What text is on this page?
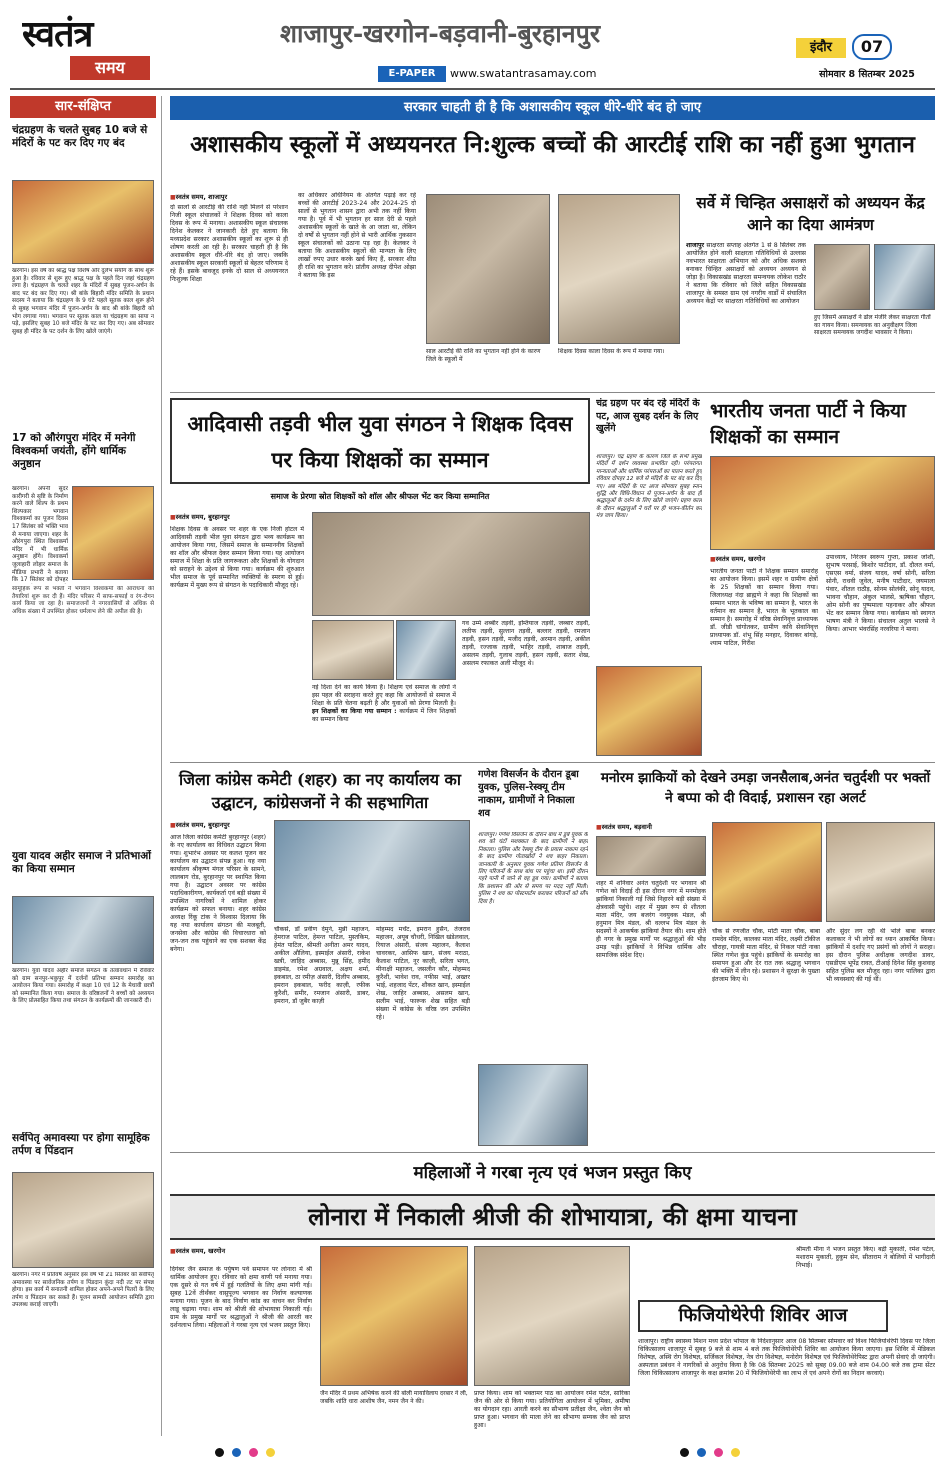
स्वतंत्र
समय
शाजापुर-खरगोन-बड़वानी-बुरहानपुर
E-PAPER	www.swatantrasamay.com
इंदौर	07
सोमवार 8 सितम्बर 2025
सार-संक्षिप्त
चंद्रग्रहण के चलते सुबह 10 बजे से मंदिरों के पट कर दिए गए बंद
खरगोन। इस वर्ष का श्राद्ध पक्ष विशेष और दुर्लभ संयोग के साथ शुरू हुआ है। रविवार से शुरू हुए श्राद्ध पक्ष के पहले दिन जहां चंद्रग्रहण लगा है। चंद्रग्रहण के चलते शहर के मंदिरों में सुबह पूजन-अर्चन के बाद पट बंद कर दिए गए। श्री बांके बिहारी मंदिर समिति के प्रधान सदस्य ने बताया कि चंद्रग्रहण के 9 घंटे पहले सूतक काल शुरू होने से सुबह भगवान मंदिर में पूजन-अर्चन के बाद श्री बांके बिहारी को भोग लगाया गया। भगवान पर सूतक काल या चंद्रग्रहण का साया न पड़े, इसलिए सुबह 10 बजे मंदिर के पट कर दिए गए। अब सोमवार सुबह ही मंदिर के पट दर्शन के लिए खोले जाएंगे।
17 को औरंगपुरा मंदिर में मनेगी विश्वकर्मा जयंती, होंगे धार्मिक अनुष्ठान
खरगोन। अपनी सुंदर कारीगरी से सृष्टि के निर्माण करने वाले शिल्प के प्रथम शिल्पकार भगवान विश्वकर्मा का पूजन दिवस 17 सितंबर को भक्ति भाव से मनाया जाएगा। शहर के औरंगपुरा स्थित विश्वकर्मा मंदिर में भी धार्मिक अनुष्ठान होंगे। विश्वकर्मा जुलाहारी लोहार समाज के मीडिया प्रभारी ने बताया कि 17 सितंबर को दोपहर
सामूहिक रूप से भक्तों ने भगवान विश्वकर्मा की आराधना की तैयारियां शुरू कर दी हैं। मंदिर परिसर में साफ-सफाई व रंग-रोगन कार्य किया जा रहा है। समाजजनों ने नगरवासियों से अधिक से अधिक संख्या में उपस्थित होकर धर्मलाभ लेने की अपील की है।
युवा यादव अहीर समाज ने प्रतिभाओं का किया सम्मान
खरगोन। युवा यादव अहीर समाज संगठन के तत्वावधान में रविवार को ग्राम सनपुर-भकुपुर में दर्जनों प्रतिभा सम्मान समारोह का आयोजन किया गया। समारोह में कक्षा 10 एवं 12 के मेधावी छात्रों को सम्मानित किया गया। समाज के वरिष्ठजनों ने बच्चों को अध्ययन के लिए प्रोत्साहित किया तथा संगठन के कार्यक्रमों की जानकारी दी।
सर्वपितृ अमावस्या पर होगा सामूहिक तर्पण व पिंडदान
खरगोन। नगर में प्रतिवर्ष अनुसार इस वर्ष भी 21 सितंबर को सर्वपितृ अमावस्या पर सार्वजनिक तर्पण व पिंडदान कुंदा नदी तट पर संपन्न होगा। इस कार्य में सनातनी शामिल होकर अपने-अपने पितरों के लिए तर्पण व पिंडदान कर सकते हैं। पूजन सामग्री आयोजन समिति द्वारा उपलब्ध कराई जाएगी।
सरकार चाहती ही है कि अशासकीय स्कूल धीरे-धीरे बंद हो जाए
अशासकीय स्कूलों में अध्ययनरत नि:शुल्क बच्चों की आरटीई राशि का नहीं हुआ भुगतान
■ स्वतंत्र समय, शाजापुर
दो सालों से आरटीई की राशि नहीं मिलने से परेशान निजी स्कूल संचालकों ने शिक्षक दिवस को काला दिवस के रूप में मनाया। अशासकीय स्कूल संचालक दिनेश केलकर ने जानकारी देते हुए बताया कि मध्यप्रदेश सरकार अशासकीय स्कूलों का शुरू से ही शोषण करती आ रही है। सरकार चाहती ही है कि अशासकीय स्कूल धीरे-धीरे बंद हो जाए। जबकि अशासकीय स्कूल सरकारी स्कूलों से बेहतर परिणाम दे रहे हैं। इसके बावजूद इनके दो साल से अध्ययनरत निःशुल्क शिक्षा
का अधिकार अधिनियम के अंतर्गत पढ़ाई कर रहे बच्चों की आरटीई 2023-24 और 2024-25 दो सालों से भुगतान शासन द्वारा अभी तक नहीं किया गया है। पूर्व में भी भुगतान हर साल देरी से पहले अशासकीय स्कूलों के खाते के आ जाता था, लेकिन दो वर्षों से भुगतान नहीं होने से भारी आर्थिक नुकसान स्कूल संचालकों को उठाना पड़ रहा है। केलकर ने बताया कि अशासकीय स्कूलों की मान्यता के लिए लाखों रुपए उधार करके खर्च किए हैं, सरकार शीघ्र ही राशि का भुगतान करे। प्रांतीय अध्यक्ष दीपेश ओझा ने बताया कि इस
साल आरटीई की राशि का भुगतान नहीं होने के कारण जिले के स्कूलों में
शिक्षक दिवस काला दिवस के रूप में मनाया गया।
सर्वे में चिन्हित असाक्षरों को अध्ययन केंद्र आने का दिया आमंत्रण
शाजापुर साक्षरता सप्ताह अंतर्गत 1 से 8 सितंबर तक आयोजित होने वाली साक्षरता गतिविधियों से उल्लास नवभारत साक्षरता अभियान को और अधिक सशक्त बनाकर चिन्हित असाक्षरों को अध्ययन अध्ययन से जोड़ा है। विकासखंड साक्षरता समन्वयक लोकेश राठौर ने बताया कि रविवार को जिले सहित विकासखंड शाजापुर के समस्त ग्राम एवं नगरीय वार्डों में संचालित अध्ययन केंद्रों पर साक्षरता गतिविधियों का आयोजन
हुए जिसमें असाक्षरों ने ढोल मंजीरे लेकर साक्षरता गीतों का गायन किया। समन्वयक का अनुवीक्षण जिला साक्षरता समन्वयक जगदीश भावसार ने किया।
आदिवासी तड़वी भील युवा संगठन ने शिक्षक दिवस पर किया शिक्षकों का सम्मान
समाज के प्रेरणा स्रोत शिक्षकों को शॉल और श्रीफल भेंट कर किया सम्मानित
■ स्वतंत्र समय, बुरहानपुर
शिक्षक दिवस के अवसर पर शहर के एक निजी होटल में आदिवासी तड़वी भील युवा संगठन द्वारा भव्य कार्यक्रम का आयोजन किया गया, जिसमें समाज के सम्माननीय शिक्षकों का शॉल और श्रीफल देकर सम्मान किया गया। यह आयोजन समाज में शिक्षा के प्रति जागरूकता और शिक्षकों के योगदान को सराहने के उद्देश्य से किया गया। कार्यक्रम की शुरुआत भील समाज के पूर्व सम्मानित व्यक्तियों के स्मरण से हुई। कार्यक्रम में मुख्य रूप से संगठन के पदाधिकारी मौजूद रहे।
नई दिशा देने का कार्य किया है। शिक्षण एवं समाज के लोगों ने इस पहल की सराहना करते हुए कहा कि आयोजनों से समाज में शिक्षा के प्रति चेतना बढ़ती है और युवाओं को प्रेरणा मिलती है। इन शिक्षकों का किया गया सम्मान : कार्यक्रम में जिन शिक्षकों का सम्मान किया
गव उम्मे शब्बीर तड़वी, इम्तियाज तड़वी, जब्बार तड़वी, लतीफ तड़वी, सुल्तान तड़वी, बल्लार तड़वी, रमजान तड़वी, हसन तड़वी, मजीद तड़वी, अरमान तड़वी, अकील तड़वी, रज्जाक तड़वी, भाहिर तड़वी, शाबाज तड़वी, असलम तड़वी, गुलाब तड़वी, हसन तड़वी, सतार शेख, असलम रफाकत अली मौजूद थे।
चंद्र ग्रहण पर बंद रहे मंदिरों के पट, आज सुबह दर्शन के लिए खुलेंगे
शाजापुर। चंद्र ग्रहण के कारण जिले के सभी प्रमुख मंदिरों में दर्शन व्यवस्था प्रभावित रही। परंपरागत मान्यताओं और धार्मिक परंपराओं का पालन करते हुए रविवार दोपहर 12 बजे से मंदिरों के पट बंद कर दिए गए। अब मंदिरों के पट आज सोमवार सुबह स्नान शुद्धि और विधि-विधान से पूजन-अर्चन के बाद ही श्रद्धालुओं के दर्शन के लिए खोले जाएंगे। ग्रहण काल के दौरान श्रद्धालुओं ने घरों पर ही भजन-कीर्तन कर मंत्र जाप किया।
भारतीय जनता पार्टी ने किया शिक्षकों का सम्मान
■ स्वतंत्र समय, खरगोन
भारतीय जनता पार्टी ने शिक्षक सम्मान समारोह का आयोजन किया। इसमें शहर व ग्रामीण क्षेत्रों के 25 शिक्षकों का सम्मान किया गया। जिलाध्यक्ष नंदा ब्राह्मणे ने कहा कि शिक्षकों का सम्मान भारत के भविष्य का सम्मान है, भारत के वर्तमान का सम्मान है, भारत के भूतकाल का सम्मान है। समारोह में वरिष्ठ सेवानिवृत्त प्राध्यापक डॉ. जीडी चांगोतकर, ग्रामीण कवि सेवानिवृत्त प्राध्यापक डॉ. शंभू सिंह मनहार, दिवाकर बांगड़े, श्याम पाटिल, गिरीश
उपाध्याय, निरंजन स्वरूप गुप्ता, प्रकाश जोशी, सुभाष परसाई, किशोर पाटीदार, डॉ. दौलत वर्मा, एसएस वर्मा, संजय यादव, वर्षा सोनी, सरिता सोनी, राधवी जुवेल, मनीष पाटीदार, जयमाला पंवार, शीतल राठौड़, सोनम सोलंकी, सोनू यादव, भावना चौहान, अंकुल भालसे, ऋषिका चौहान, ओम सोनी का पुष्पमाला पहनाकर और श्रीफल भेंट कर सम्मान किया गया। कार्यक्रम को स्वागत भाषण मंत्री ने किया। संचालन अतुल भालसे ने किया। आभार भंवरसिंह नरवरिया ने माना।
जिला कांग्रेस कमेटी (शहर) का नए कार्यालय का उद्घाटन, कांग्रेसजनों ने की सहभागिता
■ स्वतंत्र समय, बुरहानपुर
आज जिला कांग्रेस कमेटी बुरहानपुर (शहर) के नए कार्यालय का विधिवत उद्घाटन किया गया। शुभारंभ अवसर पर कलश पूजन कर कार्यालय का उद्घाटन संपन्न हुआ। यह नया कार्यालय श्रीकृष्ण मंगल परिसर के सामने, लालबाग रोड, बुरहानपुर पर स्थापित किया गया है। उद्घाटन अवसर पर कांग्रेस पदाधिकारीगण, कार्यकर्ता एवं बड़ी संख्या में उपस्थित नागरिकों ने शामिल होकर कार्यक्रम को सफल बनाया। शहर कांग्रेस अध्यक्ष रिंकू टांक ने विश्वास दिलाया कि यह नया कार्यालय संगठन की मजबूती, जनसेवा और कांग्रेस की विचारधारा को जन-जन तक पहुंचाने का एक सशक्त केंद्र बनेगा।
चौकसे, डॉ प्रवीण देमुने, मुन्नी महाजन, हेमराज पाटिल, हेमन्त पाटिल, मुस्तकिम, हेमंत पाटिल, श्रीमती अनीता अमर यादव, अकील औलिया, इस्माईल अंसारी, राकेश खत्री, जाहिद अब्बास, मुन्नू सिंह, हमीद डाइमंड, रमेश अग्रवाल, अक्षय शर्मा, इकबाल, ठा रमीज़ अंसारी, दिलीप अब्बास, इमरान इकबाल, फरीद काज़ी, रफीक कुरैशी, समीर, रमजान अंसारी, डाबर, इमरान, डॉ जुबैर काज़ी
मोहम्मद मर्चेंट, इमरान हुसैन, तेजराव महाजन, अयूब चौधरी, निखिल खंडेलवाल, रियाज अंसारी, संजय महाजन, कैलाश चावरकर, आसिफ खान, संजय मराठा, कैलाश पाटिल, नूर काज़ी, सरिता भगत, मीनाक्षी महाजन, जसलीन कौर, मोहम्मद कुरैशी, भावेश राव, नफीस भाई, अख्तर भाई, शहजाद पेंटर, शौकत खान, इस्माईल शेख, जाहिर अब्बास, असलम खान, सलीम भाई, फारूक शेख सहित बड़ी संख्या में कांग्रेस के वरिष्ठ जन उपस्थित रहे।
गणेश विसर्जन के दौरान डूबा युवक, पुलिस-रेस्क्यू टीम नाकाम, ग्रामीणों ने निकाला शव
शाजापुर। गणेश विसर्जन के दौरान बांध में डूबे युवक के शव को घंटों मशक्कत के बाद ग्रामीणों ने बाहर निकाला। पुलिस और रेस्क्यू टीम के प्रयास नाकाम रहने के बाद ग्रामीण गोताखोरों ने शव बाहर निकाला। जानकारी के अनुसार युवक गणेश प्रतिमा विसर्जन के लिए परिजनों के साथ बांध पर पहुंचा था। इसी दौरान गहरे पानी में जाने से वह डूब गया। ग्रामीणों ने बताया कि प्रशासन की ओर से समय पर मदद नहीं मिली। पुलिस ने शव का पोस्टमार्टम कराकर परिजनों को सौंप दिया है।
मनोरम झाकियों को देखने उमड़ा जनसैलाब,अनंत चतुर्दशी पर भक्तों ने बप्पा को दी विदाई, प्रशासन रहा अलर्ट
■ स्वतंत्र समय, बड़वानी
शहर में शनिवार अनंत चतुर्दशी पर भगवान श्री गणेश को विदाई दी इस दौरान नगर में मनमोहक झांकियां निकाली गई जिसे निहारने बड़ी संख्या में क्षेत्रवासी पहुंचे। शहर में मुख्य रूप से शीतला माता मंदिर, जय बजरंग नवयुवक मंडल, श्री हनुमान मित्र मंडल, श्री वल्लभ मित्र मंडल के सदस्यों ने आकर्षक झांकियां तैयार की। शाम होते ही नगर के प्रमुख मार्गों पर श्रद्धालुओं की भीड़ उमड़ पड़ी। झांकियों ने विभिन्न धार्मिक और सामाजिक संदेश दिए।
चौक से रणजीत चौक, मोटी माता चौक, बाबा रामदेव मंदिर, कालका माता मंदिर, लक्ष्मी टॉकीज चौराहा, गायत्री माता मंदिर, से निकल पांटी नाका स्थित गणेश कुंड पहुंचे। झांकियों के समारोह का समापन हुआ और देर रात तक श्रद्धालु भगवान की भक्ति में लीन रहे। प्रशासन ने सुरक्षा के पुख्ता इंतजाम किए थे।
और सुंदर लग रही थी भोले बाबा बनकर कलाकार ने भी लोगों का ध्यान आकर्षित किया। झांकियों में दर्शाए गए प्रसंगों को लोगों ने सराहा। इस दौरान पुलिस अधीक्षक जगदीश डावर, एसडीएम भूपेंद्र रावत, टीआई दिनेश सिंह कुशवाह सहित पुलिस बल मौजूद रहा। नगर पालिका द्वारा भी व्यवस्थाएं की गई थीं।
महिलाओं ने गरबा नृत्य एवं भजन प्रस्तुत किए
लोनारा में निकाली श्रीजी की शोभायात्रा, की क्षमा याचना
■ स्वतंत्र समय, खरगोन
दिगंबर जैन समाज के पर्युषण पर्व समापन पर लोनारा में श्री धार्मिक आयोजन हुए। रविवार को क्षमा वाणी पर्व मनाया गया। एक दूसरे से गत वर्ष में हुई गलतियों के लिए क्षमा मांगी गई। सुबह 12वें तीर्थंकर वासुपूज्य भगवान का निर्वाण कल्याणक मनाया गया। पूजन के बाद निर्वाण कांड का वाचन कर निर्वाण लाडू चढ़ाया गया। शाम को श्रीजी की शोभायात्रा निकाली गई। ग्राम के प्रमुख मार्गों पर श्रद्धालुओं ने श्रीजी की आरती कर दर्शनलाभ लिया। महिलाओं ने गरबा नृत्य एवं भजन प्रस्तुत किए।
जैन मंदिर में प्रथम अभिषेक करने की बोली मायाविलाय दरबार ने ली, जबकि शांति धारा आशीष जैन, नमन जैन ने की।
प्राप्त किया। शाम को भक्तामर पाठ का आयोजन रमेश पटेल, सारिका जैन की ओर से किया गया। प्रतियोगिता आयोजन में भूमिका, अमीषा का योगदान रहा। आरती करने का सौभाग्य प्रतीक्षा जैन, श्वेता जैन को प्राप्त हुआ। भगवान की माला लेने का सौभाग्य सम्यक जैन को प्राप्त हुआ।
श्रीमती मीना ने भजन प्रस्तुत किए। बद्री मुकाती, रमेश पटेल, मशाराम मुकाती, हुकुम सेन, सीताराम ने बोलियों में भागीदारी निभाई।
फिजियोथेरेपी शिविर आज
शाजापुर। राष्ट्रीय स्वास्थ्य मिशन मध्य प्रदेश भोपाल के निर्देशानुसार आज 08 सितम्बर सोमवार को विश्व फिजियोथेरेपी दिवस पर जिला चिकित्सालय शाजापुर में सुबह 9 बजे से शाम 4 बजे तक फिजियोथेरेपी शिविर का आयोजन किया जाएगा। इस शिविर में मेडिकल विशेषज्ञ, अस्थि रोग विशेषज्ञ, सर्जिकल विशेषज्ञ, नेत्र रोग विशेषज्ञ, मनोरोग विशेषज्ञ एवं फिजियोथेरेपिस्ट द्वारा अपनी सेवाएं दी जाएंगी। अस्पताल प्रबंधन ने नागरिकों से अनुरोध किया है कि 08 सितम्बर 2025 को सुबह 09.00 बजे शाम 04.00 बजे तक ट्रामा सेंटर जिला चिकित्सालय शाजापुर के कक्ष क्रमांक 20 में फिजियोथेरेपी का लाभ लें एवं अपने रोगों का निदान करवाएं।
